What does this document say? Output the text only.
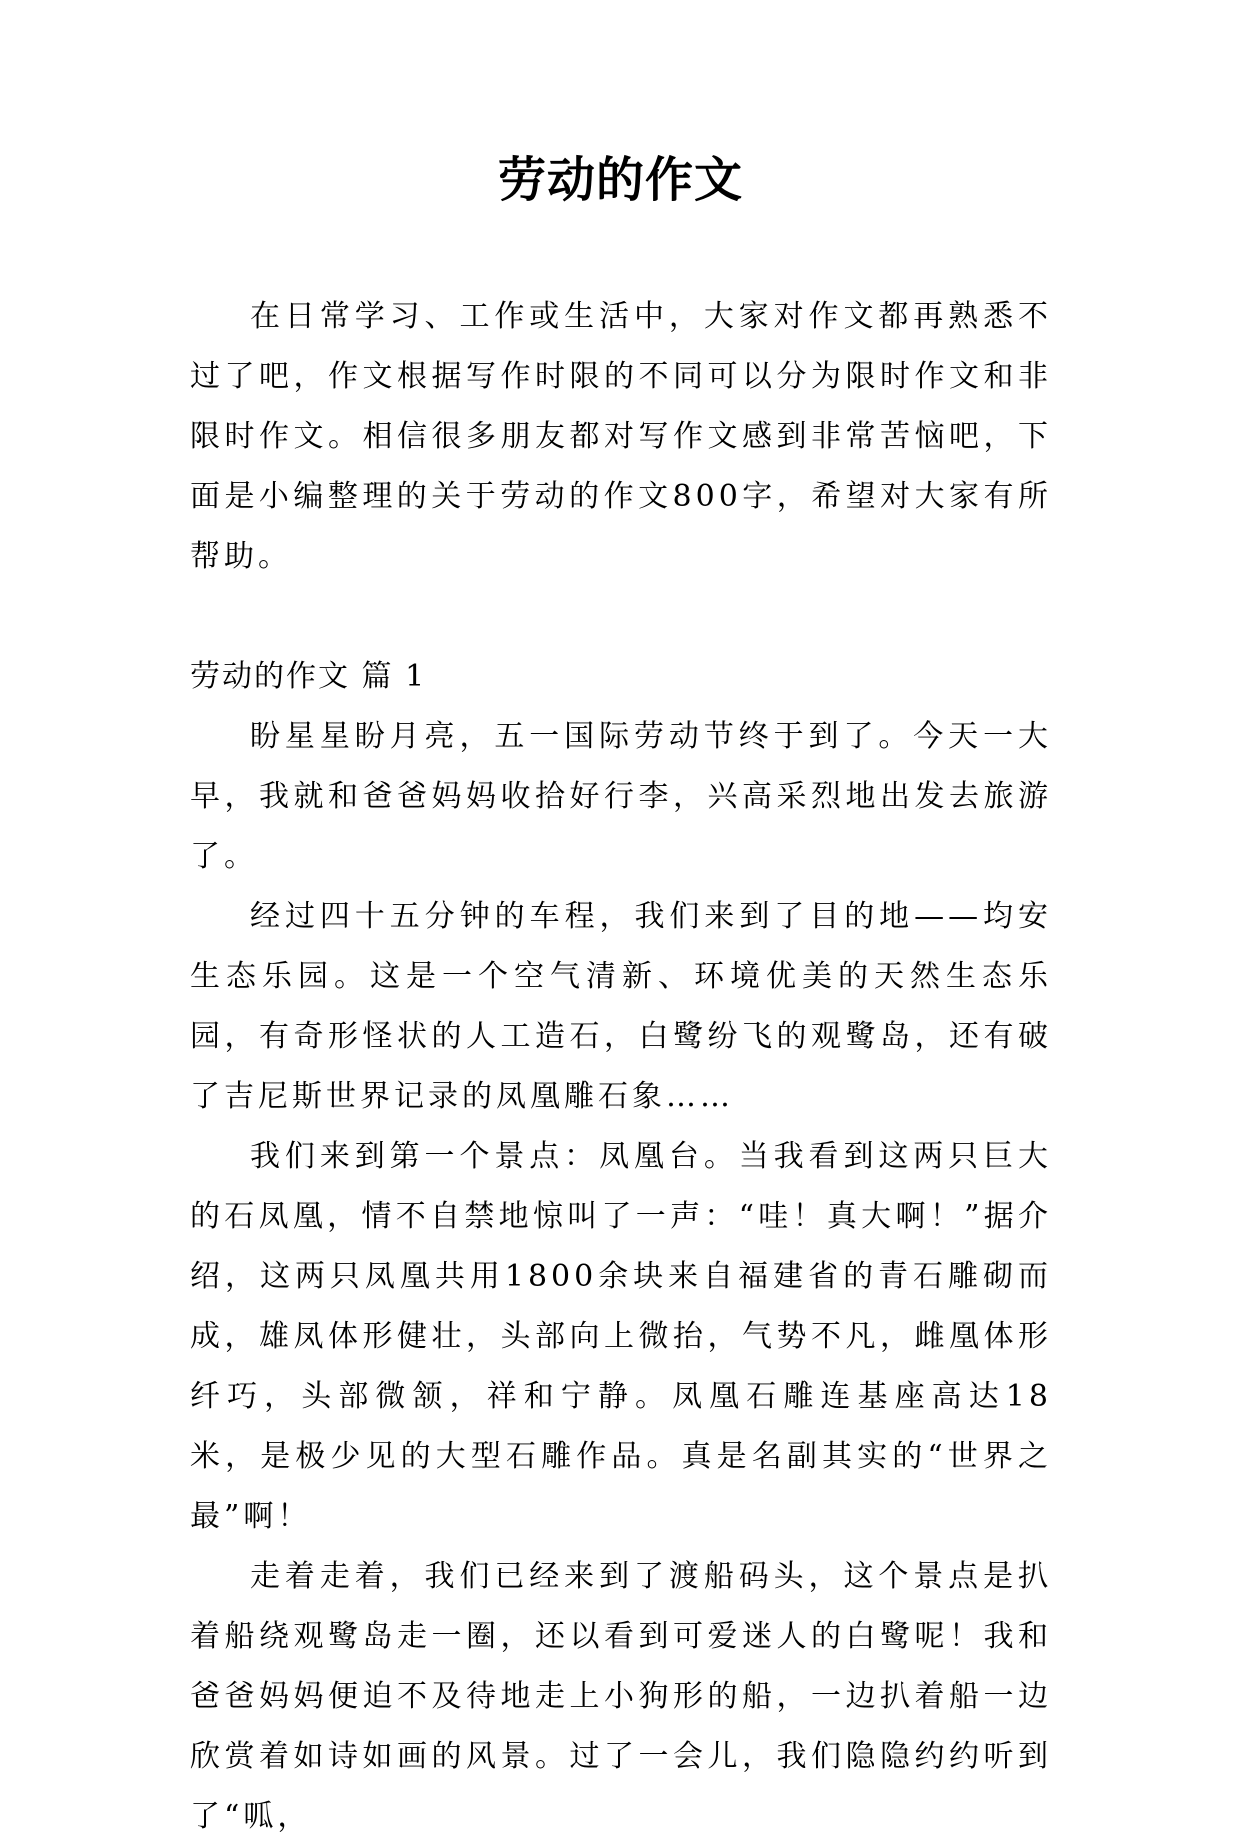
劳动的作文

在日常学习、工作或生活中，大家对作文都再熟悉不过了吧，作文根据写作时限的不同可以分为限时作文和非限时作文。相信很多朋友都对写作文感到非常苦恼吧，下面是小编整理的关于劳动的作文800字，希望对大家有所帮助。

劳动的作文 篇 1

盼星星盼月亮，五一国际劳动节终于到了。今天一大早，我就和爸爸妈妈收拾好行李，兴高采烈地出发去旅游了。

经过四十五分钟的车程，我们来到了目的地——均安生态乐园。这是一个空气清新、环境优美的天然生态乐园，有奇形怪状的人工造石，白鹭纷飞的观鹭岛，还有破了吉尼斯世界记录的凤凰雕石象……

我们来到第一个景点：凤凰台。当我看到这两只巨大的石凤凰，情不自禁地惊叫了一声：“哇！真大啊！”据介绍，这两只凤凰共用1800余块来自福建省的青石雕砌而成，雄凤体形健壮，头部向上微抬，气势不凡，雌凰体形纤巧，头部微颔，祥和宁静。凤凰石雕连基座高达18米，是极少见的大型石雕作品。真是名副其实的“世界之最”啊！

走着走着，我们已经来到了渡船码头，这个景点是扒着船绕观鹭岛走一圈，还以看到可爱迷人的白鹭呢！我和爸爸妈妈便迫不及待地走上小狗形的船，一边扒着船一边欣赏着如诗如画的风景。过了一会儿，我们隐隐约约听到了“呱，
